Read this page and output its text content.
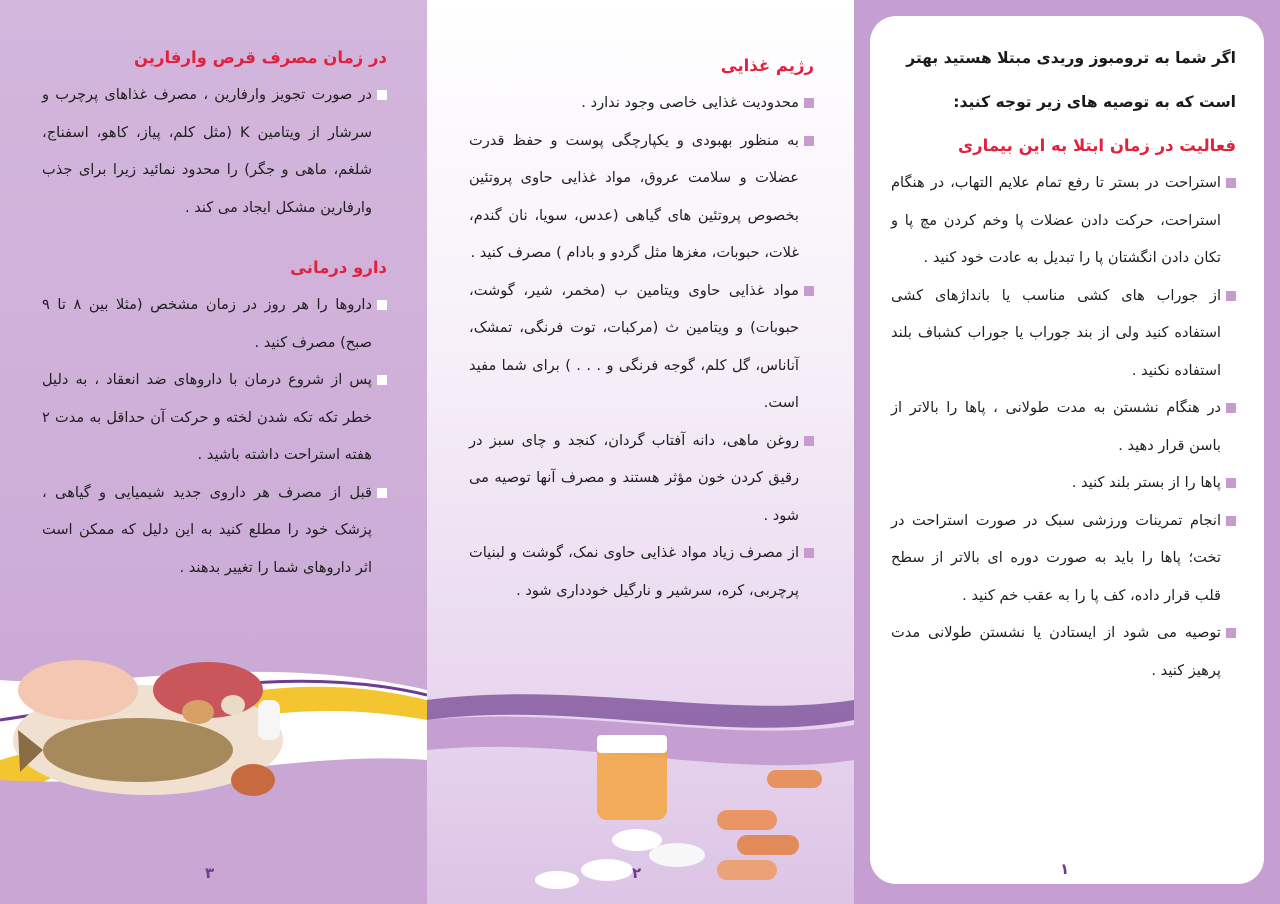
در زمان مصرف قرص وارفارین
در صورت تجویز وارفارین ، مصرف غذاهای پرچرب و سرشار از ویتامین K (مثل کلم، پیاز، کاهو، اسفناج، شلغم، ماهی و جگر) را محدود نمائید زیرا برای جذب وارفارین مشکل ایجاد می کند .
دارو درمانی
داروها را هر روز در زمان مشخص (مثلا بین ۸ تا ۹ صبح) مصرف کنید .
پس از شروع درمان با داروهای ضد انعقاد ، به دلیل خطر تکه تکه شدن لخته و حرکت آن حداقل به مدت ۲ هفته استراحت داشته باشید .
قبل از مصرف هر داروی جدید شیمیایی و گیاهی ، پزشک خود را مطلع کنید به این دلیل که ممکن است اثر داروهای شما را تغییر بدهند .
۳
رژیم غذایی
محدودیت غذایی خاصی وجود ندارد .
به منظور بهبودی و یکپارچگی پوست و حفظ قدرت عضلات و سلامت عروق، مواد غذایی حاوی پروتئین بخصوص پروتئین های گیاهی (عدس، سویا، نان گندم، غلات، حبوبات، مغزها مثل گردو و بادام ) مصرف کنید .
مواد غذایی حاوی ویتامین ب (مخمر، شیر، گوشت، حبوبات) و ویتامین ث (مرکبات، توت فرنگی، تمشک، آناناس، گل کلم، گوجه فرنگی و . . . ) برای شما مفید است.
روغن ماهی، دانه آفتاب گردان، کنجد و چای سبز در رقیق کردن خون مؤثر هستند و مصرف آنها توصیه می شود .
از مصرف زیاد مواد غذایی حاوی نمک، گوشت و لبنیات پرچربی، کره، سرشیر و نارگیل خودداری شود .
۲
اگر شما به ترومبوز وریدی مبتلا هستید بهتر است که به توصیه های زیر توجه کنید:
فعالیت در زمان ابتلا به این بیماری
استراحت در بستر تا رفع تمام علایم التهاب، در هنگام استراحت، حرکت دادن عضلات پا وخم کردن مچ پا و تکان دادن انگشتان پا را تبدیل به عادت خود کنید .
از جوراب های کشی مناسب یا بانداژهای کشی استفاده کنید ولی از بند جوراب یا جوراب کشباف بلند استفاده نکنید .
در هنگام نشستن به مدت طولانی ، پاها را بالاتر از باسن قرار دهید .
پاها را از بستر بلند کنید .
انجام تمرینات ورزشی سبک در صورت استراحت در تخت؛ پاها را باید به صورت دوره ای بالاتر از سطح قلب قرار داده، کف پا را به عقب خم کنید .
توصیه می شود از ایستادن یا نشستن طولانی مدت پرهیز کنید .
۱
